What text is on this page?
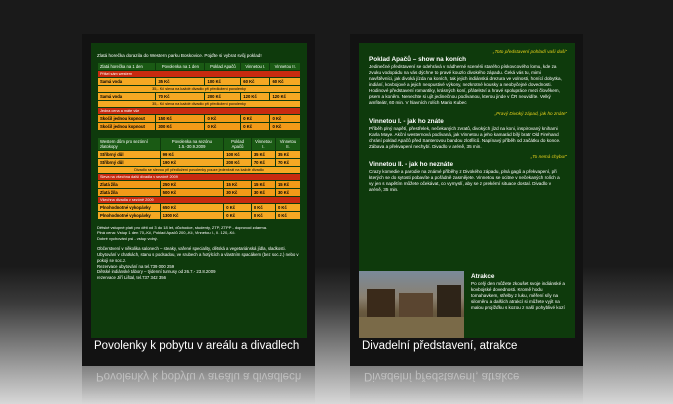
Zlatá horečka dorazila do Western parku Boskovice. Pojďte si vybrat svůj poklad!
Zlatá horečka na 1 den	Povolenka na 1 den	Poklad Apačů	Vinnetou I.	Vinnetou II.
Přišel sám western				
Samá voda	35 Kč	100 Kč	60 Kč	60 Kč
35,- Kč sleva na každé divadlo při předložení povolenky				
Samá voda	70 Kč	200 Kč	120 Kč	120 Kč
35,- Kč sleva na každé divadlo při předložení povolenky				
Jedna cena a máte vše				
Skočil jednou kopnout	150 Kč	0 Kč	0 Kč	0 Kč
Skočil jednou kopnout	300 Kč	0 Kč	0 Kč	0 Kč
Western dům pro sezónní zlatokopy	Povolenka na sezónu 1.5.-30.9.2009	Poklad Apačů	Vinnetou I.	Vinnetou II.
Stříbrný důl	99 Kč	100 Kč	35 Kč	35 Kč
Stříbrný důl	190 Kč	200 Kč	70 Kč	70 Kč
Divadlo se slevou při předložení povolenky pouze jedenkrát na každé divadlo				
Sleva na všechna další divadla v sezóně 2009				
Zlatá žíla	250 Kč	15 Kč	15 Kč	15 Kč
Zlatá žíla	500 Kč	30 Kč	30 Kč	30 Kč
Všechna divadla v sezóně 2009				
Plnohodnotné vykopávky	650 Kč	0 Kč	0 Kč	0 Kč
Plnohodnotné vykopávky	1300 Kč	0 Kč	0 Kč	0 Kč
Dětské vstupné platí pro děti od 3 do 18 let, důchodce, studenty, ZTP, ZTPP - doprovod zdarma.
Plná cena: Vstup 1 den 70,-Kč, Poklad Apačů 200,-Kč, Vinnetou I., II. 120,-Kč.
Dobré vychování psi - vstup volný.
Občerstvení v několika salonech – steaky, vařené speciality, dětská a vegetariánská jídla, sladkosti.
Ubytování v chatkách, stanu s podsadou, ve srubech a hotýlcích a vlastním spacákem (bez soc.z.) nebo v pokoji se soc.z.
Rezervace ubytování na tel.739 000 259
Dětské indiánské tábory – týdenní turnusy od 26.7.- 23.8.2009
rezervace Jiří Lištal, tel.737 342 356
Povolenky k pobytu v areálu a divadlech
„Toto představení pohladí vaši duši“
Poklad Apačů – show na koních
Jedinečné představení se odehrává v nádherné scenérii starého pískovcového lomu, kde za zvuku vodopádu na vás dýchne to pravé kouzlo divokého západu. Čeká vás tu, mimi navštěvníci, jak divoká jízda na koních, tak jejich indiánská drezura ve volnosti, honící dobytka, indiání, kovbojové a jejich neopustivé výkony, nezkrotné kousky a neobyčejné dovednosti. Hodinové představení romantiky, krásných koní, přátelství a hravé spolupráce mezi člověkem, psem a koněm. Nenechte si ujít jedinečnou podívanou, kterou jinde v ČR neuvidíte. Velký amfiteátr, 60 min. V hlavních rolích Mario Kubec
„Pravý Divoký západ, jak ho znáte“
Vinnetou I. - jak ho znáte
Příběh plný napětí, přestřelek, nečekaných zvratů, divokých jízd na koni, inspirovaný knihami Karla Maye. Akční westernová podívaná, jak Vinnetou a jeho kamarád bílý bratr Old Firehand chrání poklad Apačů před Santerovou bandou zlotřilců. Napínavý příběh od začátku do konce. Zábava a překvapení nechybí. Divadlo v aréně, 35 min.
„To nemá chybu!“
Vinnetou II. - jak ho neznáte
Crazy komedie a parodie na známé příběhy z Divokého západu, plná gagů a překvapení, při kterých se do sytosti pobavíte a pořádně zasmějete. Vinnetou se ocitne v nečekaných rolích a vy jen s napětím můžete očekávat, co vymyslí, aby se z prekérní situace dostal. Divadlo v aréně, 35 min.
Atrakce
Po celý den můžete zkoušet svoje indiánské a kovbojské dovednosti. Kromě hodu tomahavkem, střelby z luku, měření síly na siloměru a dalších atrakcí si můžete vyjít na malou projížďku s kozou z naší pohyblivé kozí
Divadelní představení, atrakce
Povolenky k pobytu v areálu a divadlech	Divadelní představení, atrakce
